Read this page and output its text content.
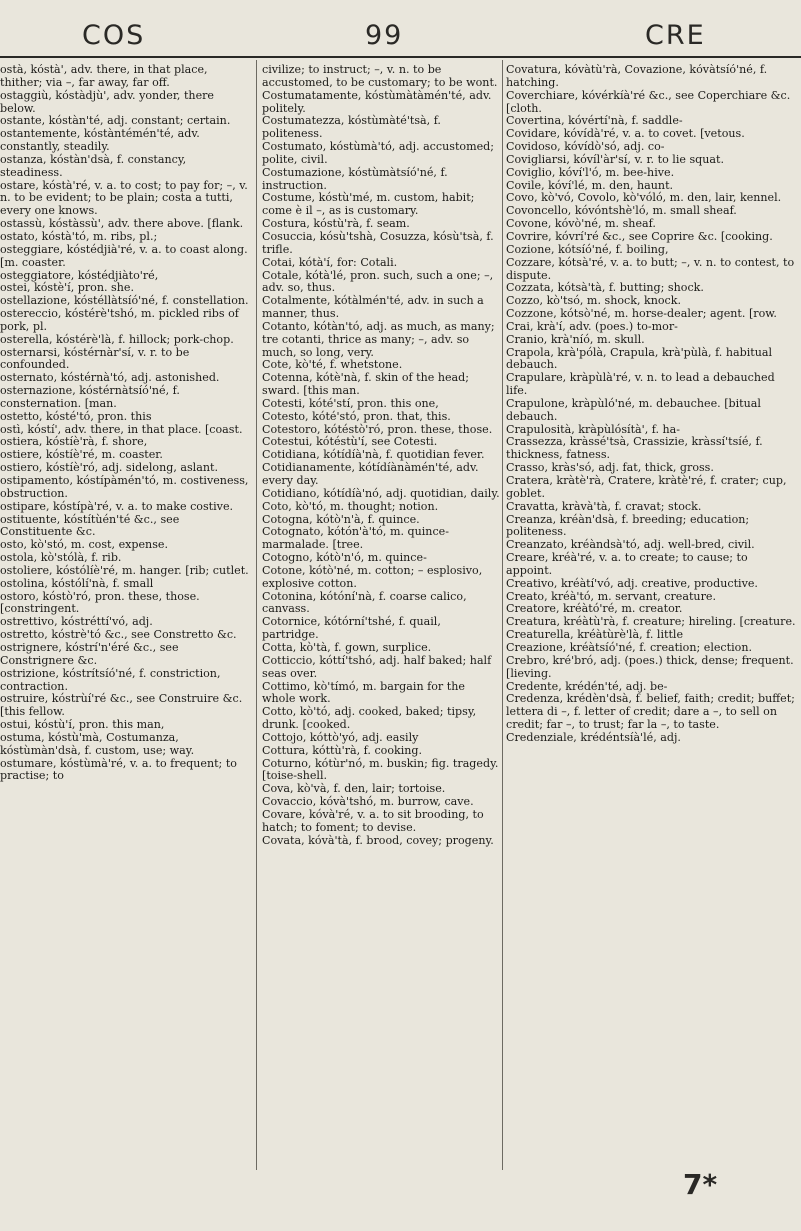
COS	99	CRE
ostà, kóstà', adv. there, in that place, thither; via –, far away, far off.
ostaggiù, kóstàdjù', adv. yonder, there below.
ostante, kóstàn'té, adj. constant; certain.
ostantemente, kóstàntémén'té, adv. constantly, steadily.
ostanza, kóstàn'dsà, f. constancy, steadiness.
ostare, kóstà'ré, v. a. to cost; to pay for; –, v. n. to be evident; to be plain; costa a tutti, every one knows.
ostassù, kóstàssù', adv. there above. [flank.
ostato, kóstà'tó, m. ribs, pl.;
osteggiare, kóstédjià'ré, v. a. to coast along. [m. coaster.
osteggiatore, kóstédjiàto'ré,
ostei, kóstè'í, pron. she.
ostellazione, kóstéllàtsíó'né, f. constellation.
ostereccio, kóstérè'tshó, m. pickled ribs of pork, pl.
osterella, kóstérè'là, f. hillock; pork-chop.
osternarsi, kóstérnàr'sí, v. r. to be confounded.
osternato, kóstérnà'tó, adj. astonished.
osternazione, kóstérnàtsíó'né, f. consternation. [man.
ostetto, kósté'tó, pron. this
ostì, kóstí', adv. there, in that place. [coast.
ostiera, kóstíè'rà, f. shore,
ostiere, kóstíè'ré, m. coaster.
ostiero, kóstíè'ró, adj. sidelong, aslant.
ostipamento, kóstípàmén'tó, m. costiveness, obstruction.
ostipare, kóstípà'ré, v. a. to make costive.
ostituente, kóstítùén'té &c., see Constituente &c.
osto, kò'stó, m. cost, expense.
ostola, kò'stólà, f. rib.
ostoliere, kóstólíè'ré, m. hanger. [rib; cutlet.
ostolina, kóstólí'nà, f. small
ostoro, kóstò'ró, pron. these, those. [constringent.
ostrettivo, kóstréttí'vó, adj.
ostretto, kóstrè'tó &c., see Constretto &c.
ostrignere, kóstrí'n'éré &c., see Constrignere &c.
ostrizione, kóstrítsíó'né, f. constriction, contraction.
ostruire, kóstrùí'ré &c., see Construire &c. [this fellow.
ostui, kóstù'í, pron. this man,
ostuma, kóstù'mà, Costumanza, kóstùmàn'dsà, f. custom, use; way.
ostumare, kóstùmà'ré, v. a. to frequent; to practise; to
civilize; to instruct; –, v. n. to be accustomed, to be customary; to be wont.
Costumatamente, kóstùmàtàmén'té, adv. politely.
Costumatezza, kóstùmàté'tsà, f. politeness.
Costumato, kóstùmà'tó, adj. accustomed; polite, civil.
Costumazione, kóstùmàtsíó'né, f. instruction.
Costume, kóstù'mé, m. custom, habit; come è il –, as is customary.
Costura, kóstù'rà, f. seam.
Cosuccia, kósù'tshà, Cosuzza, kósù'tsà, f. trifle.
Cotai, kótà'í, for: Cotali.
Cotale, kótà'lé, pron. such, such a one; –, adv. so, thus.
Cotalmente, kótàlmén'té, adv. in such a manner, thus.
Cotanto, kótàn'tó, adj. as much, as many; tre cotanti, thrice as many; –, adv. so much, so long, very.
Cote, kò'té, f. whetstone.
Cotenna, kótè'nà, f. skin of the head; sward. [this man.
Cotesti, kóté'stí, pron. this one,
Cotesto, kóté'stó, pron. that, this.
Cotestoro, kótéstò'ró, pron. these, those.
Cotestui, kótéstù'í, see Cotesti.
Cotidiana, kótídíà'nà, f. quotidian fever.
Cotidianamente, kótídíànàmén'té, adv. every day.
Cotidiano, kótídíà'nó, adj. quotidian, daily.
Coto, kò'tó, m. thought; notion.
Cotogna, kótò'n'à, f. quince.
Cotognato, kótón'à'tó, m. quince-marmalade. [tree.
Cotogno, kótò'n'ó, m. quince-
Cotone, kótò'né, m. cotton; – esplosivo, explosive cotton.
Cotonina, kótóní'nà, f. coarse calico, canvass.
Cotornice, kótórní'tshé, f. quail, partridge.
Cotta, kò'tà, f. gown, surplice.
Cotticcio, kóttí'tshó, adj. half baked; half seas over.
Cottimo, kò'tímó, m. bargain for the whole work.
Cotto, kò'tó, adj. cooked, baked; tipsy, drunk. [cooked.
Cottojo, kóttò'yó, adj. easily
Cottura, kóttù'rà, f. cooking.
Coturno, kótùr'nó, m. buskin; fig. tragedy. [toise-shell.
Cova, kò'và, f. den, lair; tortoise.
Covaccio, kóvà'tshó, m. burrow, cave.
Covare, kóvà'ré, v. a. to sit brooding, to hatch; to foment; to devise.
Covata, kóvà'tà, f. brood, covey; progeny.
Covatura, kóvàtù'rà, Covazione, kóvàtsíó'né, f. hatching.
Coverchiare, kóvérkíà'ré &c., see Coperchiare &c. [cloth.
Covertina, kóvértí'nà, f. saddle-
Covidare, kóvídà'ré, v. a. to covet. [vetous.
Covidoso, kóvídò'só, adj. co-
Covigliarsi, kóvíl'àr'sí, v. r. to lie squat.
Coviglio, kóví'l'ó, m. bee-hive.
Covile, kóví'lé, m. den, haunt.
Covo, kò'vó, Covolo, kò'vóló, m. den, lair, kennel.
Covoncello, kóvóntshè'ló, m. small sheaf.
Covone, kóvò'né, m. sheaf.
Covrire, kóvrí'ré &c., see Coprire &c. [cooking.
Cozione, kótsíó'né, f. boiling,
Cozzare, kótsà'ré, v. a. to butt; –, v. n. to contest, to dispute.
Cozzata, kótsà'tà, f. butting; shock.
Cozzo, kò'tsó, m. shock, knock.
Cozzone, kótsò'né, m. horse-dealer; agent. [row.
Crai, krà'í, adv. (poes.) to-mor-
Cranio, krà'níó, m. skull.
Crapola, krà'pólà, Crapula, krà'pùlà, f. habitual debauch.
Crapulare, kràpùlà'ré, v. n. to lead a debauched life.
Crapulone, kràpùló'né, m. debauchee. [bitual debauch.
Crapulosità, kràpùlósítà', f. ha-
Crassezza, kràssé'tsà, Crassizie, kràssí'tsíé, f. thickness, fatness.
Crasso, kràs'só, adj. fat, thick, gross.
Cratera, kràtè'rà, Cratere, kràtè'ré, f. crater; cup, goblet.
Cravatta, kràvà'tà, f. cravat; stock.
Creanza, kréàn'dsà, f. breeding; education; politeness.
Creanzato, kréàndsà'tó, adj. well-bred, civil.
Creare, kréà'ré, v. a. to create; to cause; to appoint.
Creativo, kréàtí'vó, adj. creative, productive.
Creato, kréà'tó, m. servant, creature.
Creatore, kréàtó'ré, m. creator.
Creatura, kréàtù'rà, f. creature; hireling. [creature.
Creaturella, kréàtùrè'là, f. little
Creazione, kréàtsíó'né, f. creation; election.
Crebro, kré'bró, adj. (poes.) thick, dense; frequent. [lieving.
Credente, krédén'té, adj. be-
Credenza, krédèn'dsà, f. belief, faith; credit; buffet; lettera di –, f. letter of credit; dare a –, to sell on credit; far –, to trust; far la –, to taste.
Credenziale, krédéntsíà'lé, adj.
7*
